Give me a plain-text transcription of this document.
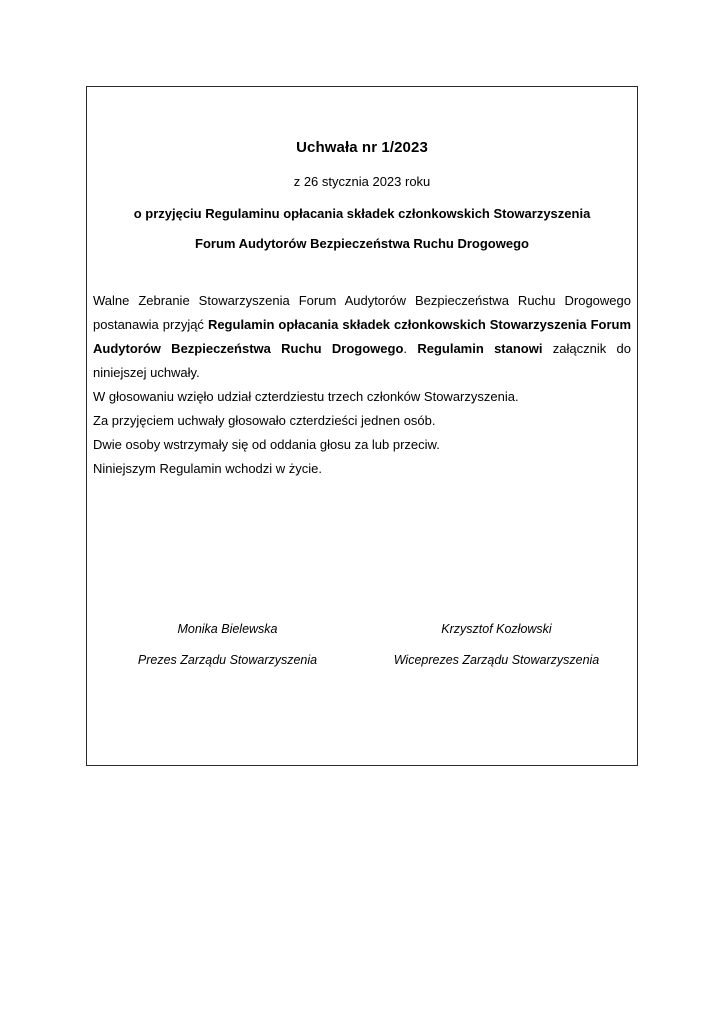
Uchwała nr 1/2023

z 26 stycznia 2023 roku

o przyjęciu Regulaminu opłacania składek członkowskich Stowarzyszenia

Forum Audytorów Bezpieczeństwa Ruchu Drogowego

Walne Zebranie Stowarzyszenia Forum Audytorów Bezpieczeństwa Ruchu Drogowego postanawia przyjąć Regulamin opłacania składek członkowskich Stowarzyszenia Forum Audytorów Bezpieczeństwa Ruchu Drogowego. Regulamin stanowi załącznik do niniejszej uchwały.

W głosowaniu wzięło udział czterdziestu trzech członków Stowarzyszenia.

Za przyjęciem uchwały głosowało czterdzieści jednen osób.

Dwie osoby wstrzymały się od oddania głosu za lub przeciw.

Niniejszym Regulamin wchodzi w życie.

Monika Bielewska

Prezes Zarządu Stowarzyszenia

Krzysztof Kozłowski

Wiceprezes Zarządu Stowarzyszenia
